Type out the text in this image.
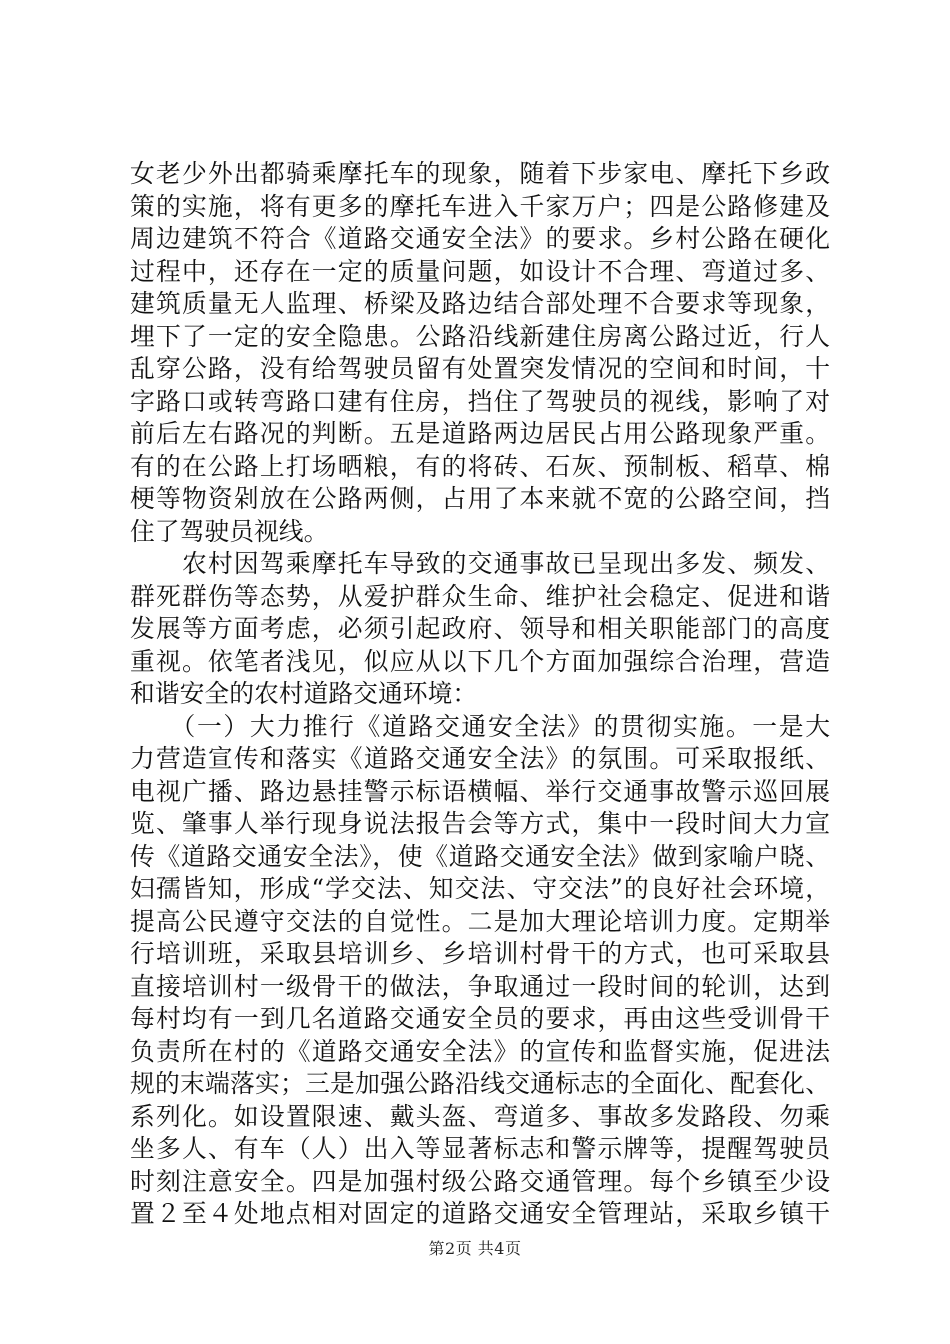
女老少外出都骑乘摩托车的现象，随着下步家电、摩托下乡政
策的实施，将有更多的摩托车进入千家万户；四是公路修建及
周边建筑不符合《道路交通安全法》的要求。乡村公路在硬化
过程中，还存在一定的质量问题，如设计不合理、弯道过多、
建筑质量无人监理、桥梁及路边结合部处理不合要求等现象，
埋下了一定的安全隐患。公路沿线新建住房离公路过近，行人
乱穿公路，没有给驾驶员留有处置突发情况的空间和时间，十
字路口或转弯路口建有住房，挡住了驾驶员的视线，影响了对
前后左右路况的判断。五是道路两边居民占用公路现象严重。
有的在公路上打场晒粮，有的将砖、石灰、预制板、稻草、棉
梗等物资剁放在公路两侧，占用了本来就不宽的公路空间，挡
住了驾驶员视线。
　　农村因驾乘摩托车导致的交通事故已呈现出多发、频发、
群死群伤等态势，从爱护群众生命、维护社会稳定、促进和谐
发展等方面考虑，必须引起政府、领导和相关职能部门的高度
重视。依笔者浅见，似应从以下几个方面加强综合治理，营造
和谐安全的农村道路交通环境：
　　（一）大力推行《道路交通安全法》的贯彻实施。一是大
力营造宣传和落实《道路交通安全法》的氛围。可采取报纸、
电视广播、路边悬挂警示标语横幅、举行交通事故警示巡回展
览、肇事人举行现身说法报告会等方式，集中一段时间大力宣
传《道路交通安全法》，使《道路交通安全法》做到家喻户晓、
妇孺皆知，形成“学交法、知交法、守交法”的良好社会环境，
提高公民遵守交法的自觉性。二是加大理论培训力度。定期举
行培训班，采取县培训乡、乡培训村骨干的方式，也可采取县
直接培训村一级骨干的做法，争取通过一段时间的轮训，达到
每村均有一到几名道路交通安全员的要求，再由这些受训骨干
负责所在村的《道路交通安全法》的宣传和监督实施，促进法
规的末端落实；三是加强公路沿线交通标志的全面化、配套化、
系列化。如设置限速、戴头盔、弯道多、事故多发路段、勿乘
坐多人、有车（人）出入等显著标志和警示牌等，提醒驾驶员
时刻注意安全。四是加强村级公路交通管理。每个乡镇至少设
置２至４处地点相对固定的道路交通安全管理站，采取乡镇干
第2页 共4页
